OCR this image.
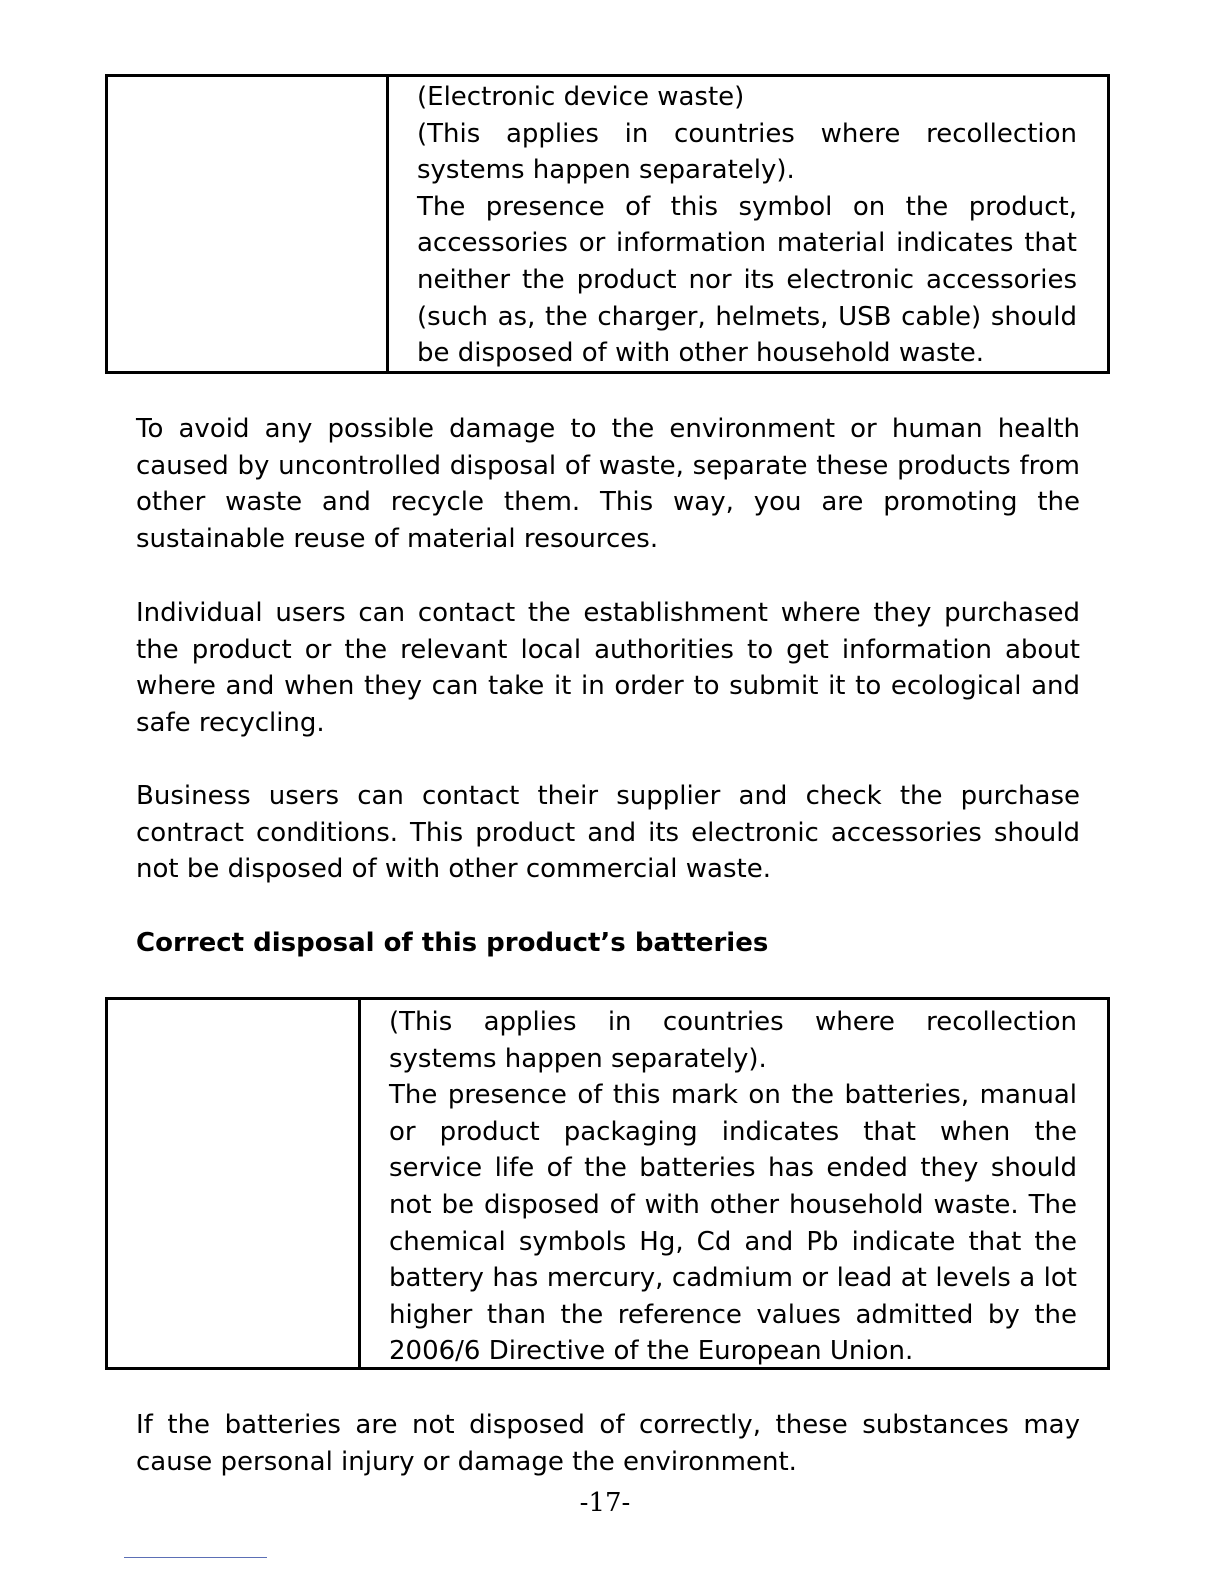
(Electronic device waste)

(This applies in countries where recollection systems happen separately).

The presence of this symbol on the product, accessories or information material indicates that neither the product nor its electronic accessories (such as, the charger, helmets, USB cable) should be disposed of with other household waste.

To avoid any possible damage to the environment or human health caused by uncontrolled disposal of waste, separate these products from other waste and recycle them. This way, you are promoting the sustainable reuse of material resources.

Individual users can contact the establishment where they purchased the product or the relevant local authorities to get information about where and when they can take it in order to submit it to ecological and safe recycling.

Business users can contact their supplier and check the purchase contract conditions. This product and its electronic accessories should not be disposed of with other commercial waste.

Correct disposal of this product’s batteries

(This applies in countries where recollection systems happen separately).

The presence of this mark on the batteries, manual or product packaging indicates that when the service life of the batteries has ended they should not be disposed of with other household waste. The chemical symbols Hg, Cd and Pb indicate that the battery has mercury, cadmium or lead at levels a lot higher than the reference values admitted by the 2006/6 Directive of the European Union.

If the batteries are not disposed of correctly, these substances may cause personal injury or damage the environment.

-17-
